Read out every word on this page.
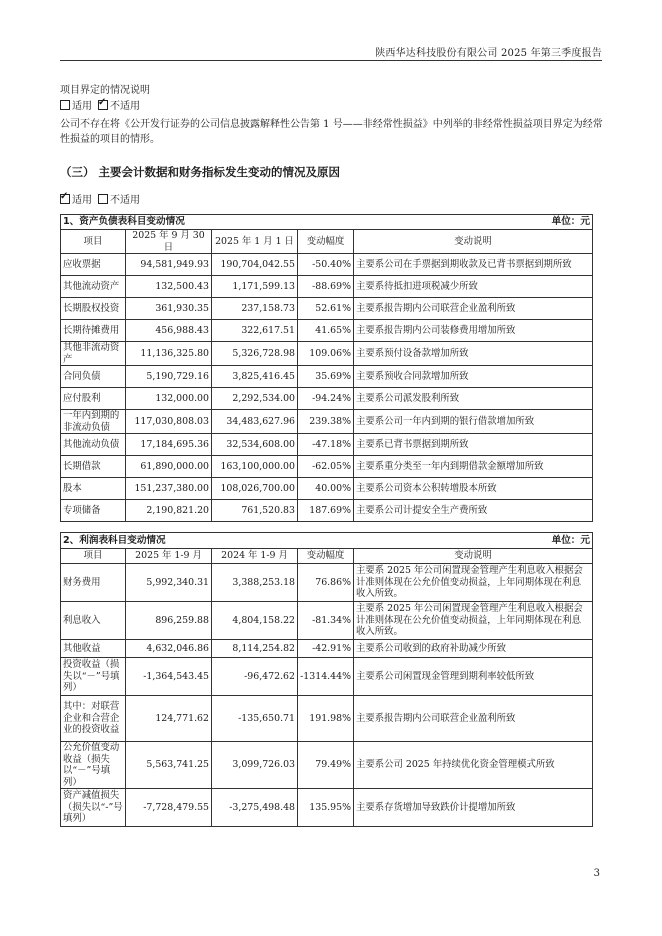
陕西华达科技股份有限公司 2025 年第三季度报告
项目界定的情况说明
适用 ✓ 不适用
公司不存在将《公开发行证券的公司信息披露解释性公告第 1 号——非经常性损益》中列举的非经常性损益项目界定为经常性损益的项目的情形。
（三） 主要会计数据和财务指标发生变动的情况及原因
✓适用 不适用
1、资产负债表科目变动情况 单位：元				

项目	2025 年 9 月 30 日	2025 年 1 月 1 日	变动幅度	变动说明
应收票据	94,581,949.93	190,704,042.55	-50.40%	主要系公司在手票据到期收款及已背书票据到期所致
其他流动资产	132,500.43	1,171,599.13	-88.69%	主要系待抵扣进项税减少所致
长期股权投资	361,930.35	237,158.73	52.61%	主要系报告期内公司联营企业盈利所致
长期待摊费用	456,988.43	322,617.51	41.65%	主要系报告期内公司装修费用增加所致
其他非流动资产	11,136,325.80	5,326,728.98	109.06%	主要系预付设备款增加所致
合同负债	5,190,729.16	3,825,416.45	35.69%	主要系预收合同款增加所致
应付股利	132,000.00	2,292,534.00	-94.24%	主要系公司派发股利所致
一年内到期的非流动负债	117,030,808.03	34,483,627.96	239.38%	主要系公司一年内到期的银行借款增加所致
其他流动负债	17,184,695.36	32,534,608.00	-47.18%	主要系已背书票据到期所致
长期借款	61,890,000.00	163,100,000.00	-62.05%	主要系重分类至一年内到期借款金额增加所致
股本	151,237,380.00	108,026,700.00	40.00%	主要系公司资本公积转增股本所致
专项储备	2,190,821.20	761,520.83	187.69%	主要系公司计提安全生产费所致
2、利润表科目变动情况 单位：元				

项目	2025 年 1-9 月	2024 年 1-9 月	变动幅度	变动说明
财务费用	5,992,340.31	3,388,253.18	76.86%	主要系 2025 年公司闲置现金管理产生利息收入根据会计准则体现在公允价值变动损益，上年同期体现在利息收入所致。
利息收入	896,259.88	4,804,158.22	-81.34%	主要系 2025 年公司闲置现金管理产生利息收入根据会计准则体现在公允价值变动损益，上年同期体现在利息收入所致。
其他收益	4,632,046.86	8,114,254.82	-42.91%	主要系公司收到的政府补助减少所致
投资收益（损失以“－”号填列）	-1,364,543.45	-96,472.62	-1314.44%	主要系公司闲置现金管理到期利率较低所致
其中：对联营企业和合营企业的投资收益	124,771.62	-135,650.71	191.98%	主要系报告期内公司联营企业盈利所致
公允价值变动收益（损失以“－”号填列）	5,563,741.25	3,099,726.03	79.49%	主要系公司 2025 年持续优化资金管理模式所致
资产减值损失（损失以“-”号填列）	-7,728,479.55	-3,275,498.48	135.95%	主要系存货增加导致跌价计提增加所致
3
